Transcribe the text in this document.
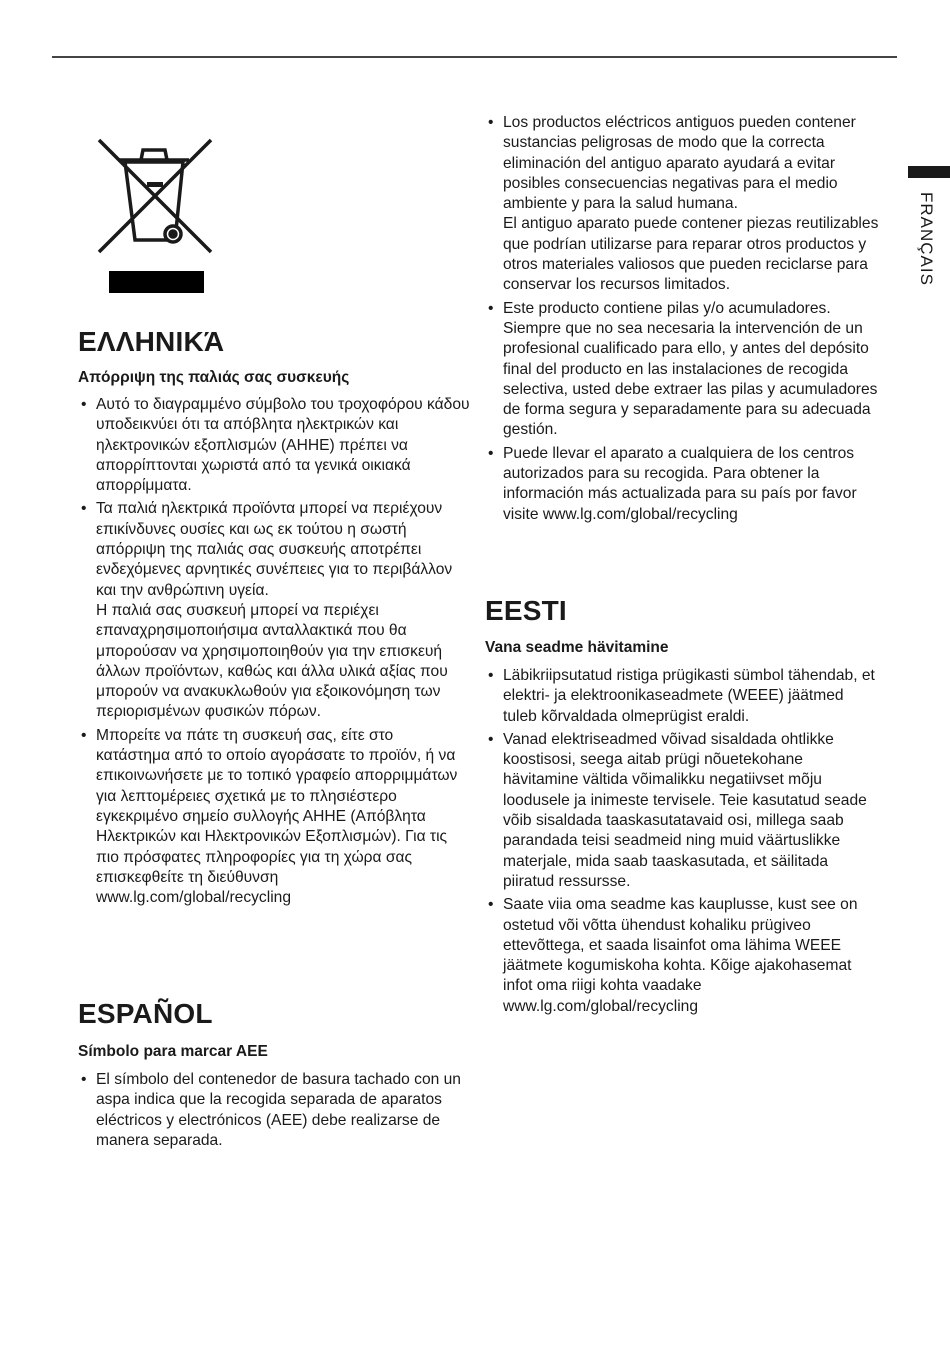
FRANÇAIS
ΕΛΛΗΝΙΚΆ
Απόρριψη της παλιάς σας συσκευής
• Αυτό το διαγραμμένο σύμβολο του τροχοφόρου κάδου υποδεικνύει ότι τα απόβλητα ηλεκτρικών και ηλεκτρονικών εξοπλισμών (ΑΗΗΕ) πρέπει να απορρίπτονται χωριστά από τα γενικά οικιακά απορρίμματα.
• Τα παλιά ηλεκτρικά προϊόντα μπορεί να περιέχουν επικίνδυνες ουσίες και ως εκ τούτου η σωστή απόρριψη της παλιάς σας συσκευής αποτρέπει ενδεχόμενες αρνητικές συνέπειες για το περιβάλλον και την ανθρώπινη υγεία.
Η παλιά σας συσκευή μπορεί να περιέχει επαναχρησιμοποιήσιμα ανταλλακτικά που θα μπορούσαν να χρησιμοποιηθούν για την επισκευή άλλων προϊόντων, καθώς και άλλα υλικά αξίας που μπορούν να ανακυκλωθούν για εξοικονόμηση των περιορισμένων φυσικών πόρων.
• Μπορείτε να πάτε τη συσκευή σας, είτε στο κατάστημα από το οποίο αγοράσατε το προϊόν, ή να επικοινωνήσετε με το τοπικό γραφείο απορριμμάτων για λεπτομέρειες σχετικά με το πλησιέστερο εγκεκριμένο σημείο συλλογής ΑΗΗΕ (Απόβλητα Ηλεκτρικών και Ηλεκτρονικών Εξοπλισμών). Για τις πιο πρόσφατες πληροφορίες για τη χώρα σας επισκεφθείτε τη διεύθυνση www.lg.com/global/recycling
ESPAÑOL
Símbolo para marcar AEE
• El símbolo del contenedor de basura tachado con un aspa indica que la recogida separada de aparatos eléctricos y electrónicos (AEE) debe realizarse de manera separada.
• Los productos eléctricos antiguos pueden contener sustancias peligrosas de modo que la correcta eliminación del antiguo aparato ayudará a evitar posibles consecuencias negativas para el medio ambiente y para la salud humana.
El antiguo aparato puede contener piezas reutilizables que podrían utilizarse para reparar otros productos y otros materiales valiosos que pueden reciclarse para conservar los recursos limitados.
• Este producto contiene pilas y/o acumuladores. Siempre que no sea necesaria la intervención de un profesional cualificado para ello, y antes del depósito final del producto en las instalaciones de recogida selectiva, usted debe extraer las pilas y acumuladores de forma segura y separadamente para su adecuada gestión.
• Puede llevar el aparato a cualquiera de los centros autorizados para su recogida. Para obtener la información más actualizada para su país por favor visite www.lg.com/global/recycling
EESTI
Vana seadme hävitamine
• Läbikriipsutatud ristiga prügikasti sümbol tähendab, et elektri- ja elektroonikaseadmete (WEEE) jäätmed tuleb kõrvaldada olmeprügist eraldi.
• Vanad elektriseadmed võivad sisaldada ohtlikke koostisosi, seega aitab prügi nõuetekohane hävitamine vältida võimalikku negatiivset mõju loodusele ja inimeste tervisele. Teie kasutatud seade võib sisaldada taaskasutatavaid osi, millega saab parandada teisi seadmeid ning muid väärtuslikke materjale, mida saab taaskasutada, et säilitada piiratud ressursse.
• Saate viia oma seadme kas kauplusse, kust see on ostetud või võtta ühendust kohaliku prügiveo ettevõttega, et saada lisainfot oma lähima WEEE jäätmete kogumiskoha kohta. Kõige ajakohasemat infot oma riigi kohta vaadake www.lg.com/global/recycling
